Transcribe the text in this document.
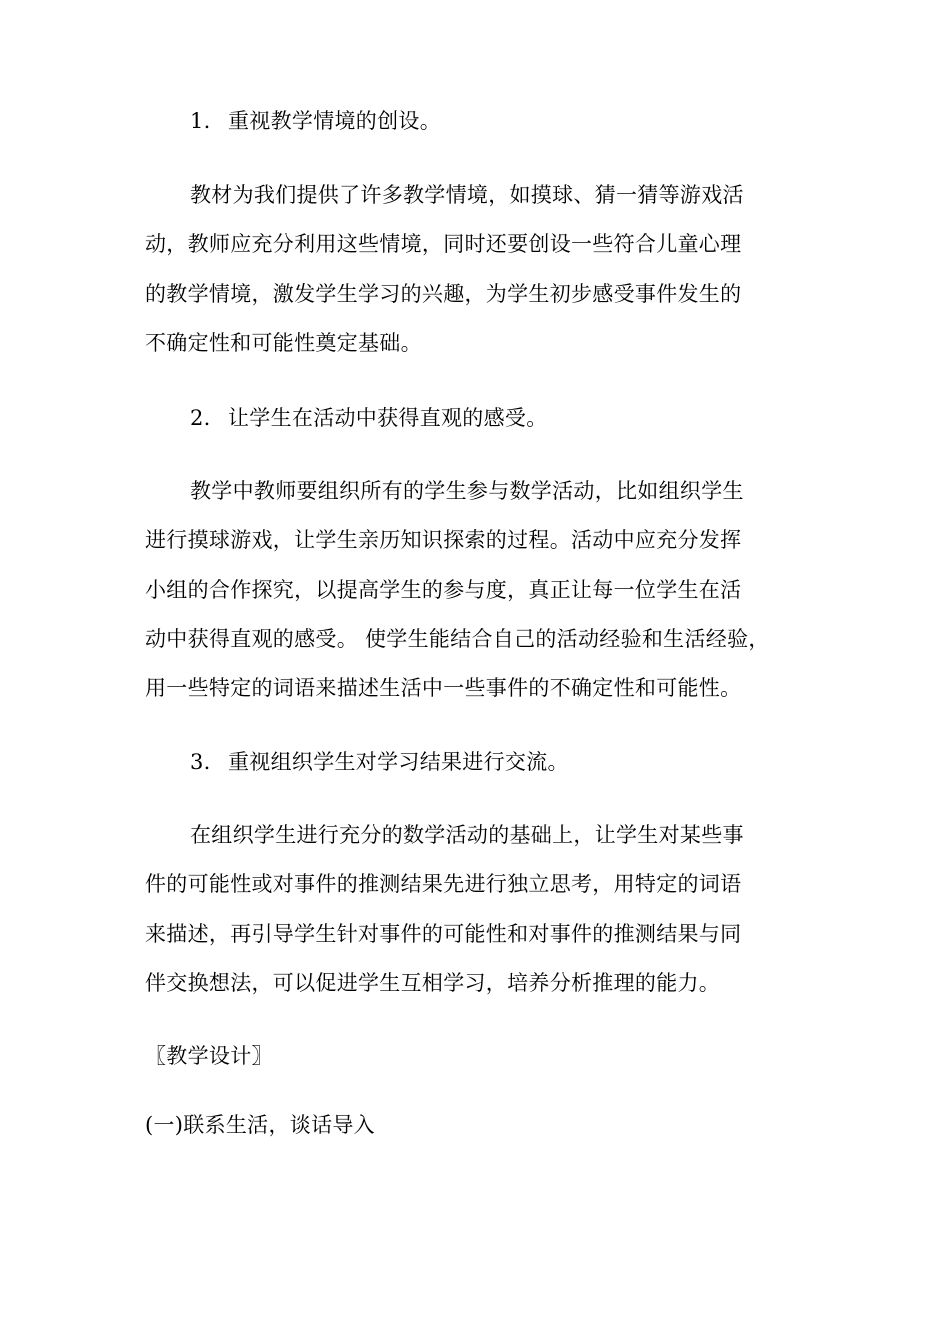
1. 重视教学情境的创设。
教材为我们提供了许多教学情境，如摸球、猜一猜等游戏活
动，教师应充分利用这些情境，同时还要创设一些符合儿童心理
的教学情境，激发学生学习的兴趣，为学生初步感受事件发生的
不确定性和可能性奠定基础。
2. 让学生在活动中获得直观的感受。
教学中教师要组织所有的学生参与数学活动，比如组织学生
进行摸球游戏，让学生亲历知识探索的过程。活动中应充分发挥
小组的合作探究，以提高学生的参与度，真正让每一位学生在活
动中获得直观的感受。 使学生能结合自己的活动经验和生活经验，
用一些特定的词语来描述生活中一些事件的不确定性和可能性。
3. 重视组织学生对学习结果进行交流。
在组织学生进行充分的数学活动的基础上，让学生对某些事
件的可能性或对事件的推测结果先进行独立思考，用特定的词语
来描述，再引导学生针对事件的可能性和对事件的推测结果与同
伴交换想法，可以促进学生互相学习，培养分析推理的能力。
〖教学设计〗
(一)联系生活，谈话导入
